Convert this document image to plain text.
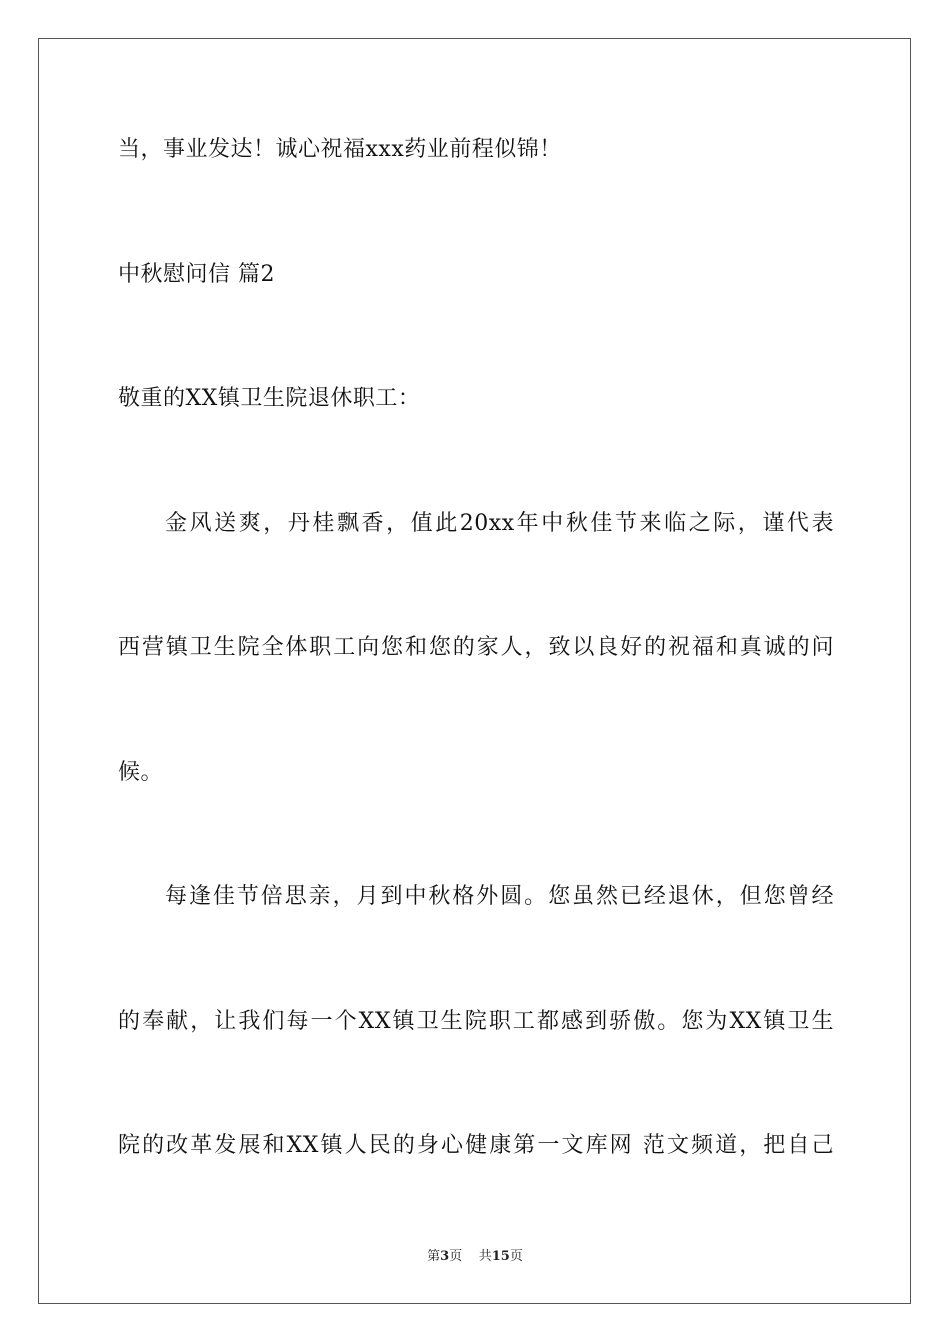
当，事业发达！诚心祝福xxx药业前程似锦！
中秋慰问信 篇2
敬重的XX镇卫生院退休职工：
金风送爽，丹桂飘香，值此20xx年中秋佳节来临之际，谨代表
西营镇卫生院全体职工向您和您的家人，致以良好的祝福和真诚的问
候。
每逢佳节倍思亲，月到中秋格外圆。您虽然已经退休，但您曾经
的奉献，让我们每一个XX镇卫生院职工都感到骄傲。您为XX镇卫生
院的改革发展和XX镇人民的身心健康第一文库网 范文频道，把自己
第3页 共15页
